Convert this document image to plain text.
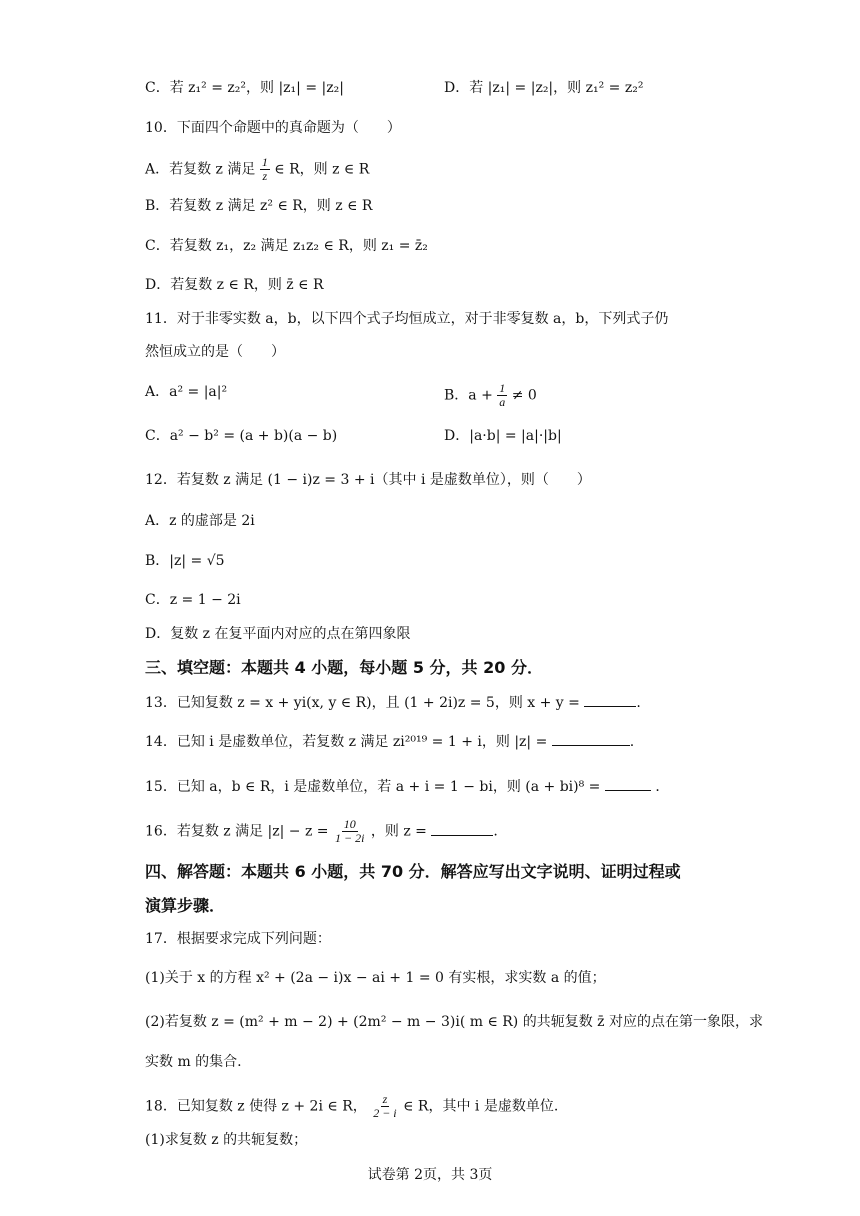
C．若 z₁² = z₂²，则 |z₁| = |z₂|	D．若 |z₁| = |z₂|，则 z₁² = z₂²
10．下面四个命题中的真命题为（　　）
A．若复数 z 满足 $\frac{1}{z}$ ∈ R，则 z ∈ R
B．若复数 z 满足 z² ∈ R，则 z ∈ R
C．若复数 z₁，z₂ 满足 z₁z₂ ∈ R，则 z₁ = z̄₂
D．若复数 z ∈ R，则 z̄ ∈ R
11．对于非零实数 a，b，以下四个式子均恒成立，对于非零复数 a，b，下列式子仍
然恒成立的是（　　）
A．a² = |a|²	B．$a + \frac{1}{a} \ne 0$
C．a² − b² = (a + b)(a − b)	D．|a·b| = |a|·|b|
12．若复数 z 满足 (1 − i)z = 3 + i（其中 i 是虚数单位），则（　　）
A．z 的虚部是 2i
B．|z| = √5
C．z = 1 − 2i
D．复数 z 在复平面内对应的点在第四象限
三、填空题：本题共 4 小题，每小题 5 分，共 20 分．
13．已知复数 z = x + yi(x, y ∈ R)，且 (1 + 2i)z = 5，则 x + y =	.
14．已知 i 是虚数单位，若复数 z 满足 zi²⁰¹⁹ = 1 + i，则 |z| =	.
15．已知 a，b ∈ R，i 是虚数单位，若 a + i = 1 − bi，则 (a + bi)⁸ =	．
16．若复数 z 满足 $|z| - z = \frac{10}{1 - 2i}$ ，则 z =	.
四、解答题：本题共 6 小题，共 70 分．解答应写出文字说明、证明过程或
演算步骤．
17．根据要求完成下列问题：
(1)关于 x 的方程 x² + (2a − i)x − ai + 1 = 0 有实根，求实数 a 的值；
(2)若复数 z = (m² + m − 2) + (2m² − m − 3)i( m ∈ R) 的共轭复数 z̄ 对应的点在第一象限，求
实数 m 的集合.
18．已知复数 z 使得 z + 2i ∈ R， $\frac{z}{2 - i}$ ∈ R，其中 i 是虚数单位.
(1)求复数 z 的共轭复数；
试卷第 2页，共 3页
